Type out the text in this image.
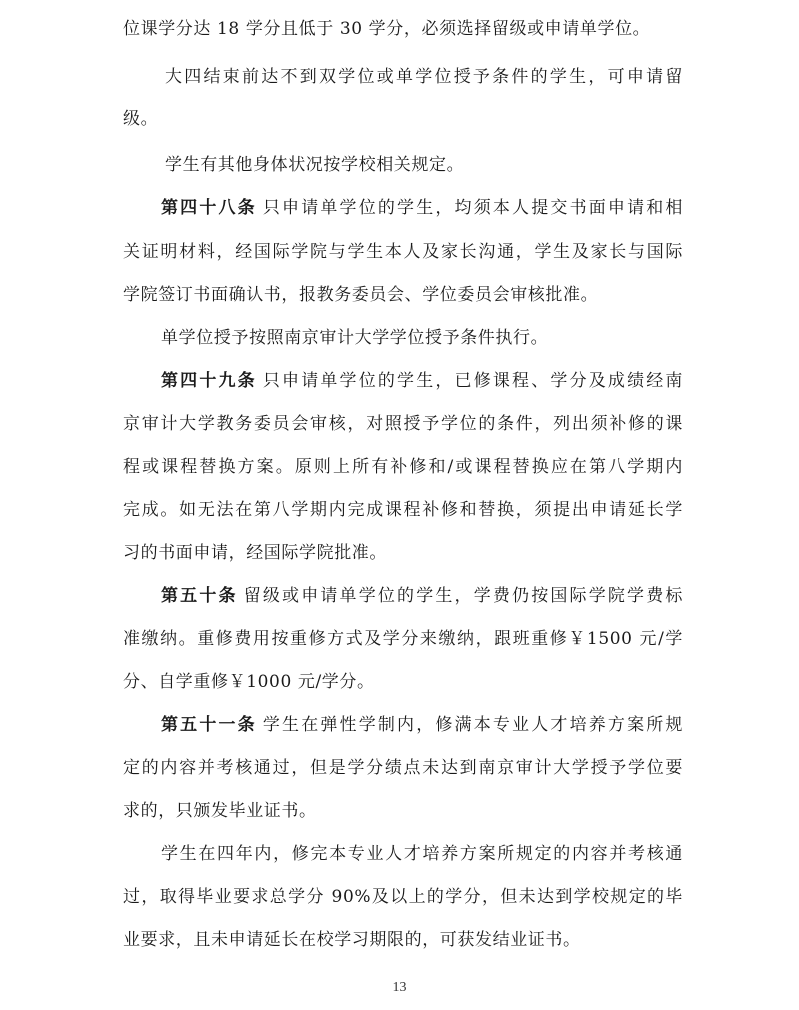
位课学分达 18 学分且低于 30 学分，必须选择留级或申请单学位。
大四结束前达不到双学位或单学位授予条件的学生，可申请留
级。
学生有其他身体状况按学校相关规定。
第四十八条 只申请单学位的学生，均须本人提交书面申请和相
关证明材料，经国际学院与学生本人及家长沟通，学生及家长与国际
学院签订书面确认书，报教务委员会、学位委员会审核批准。
单学位授予按照南京审计大学学位授予条件执行。
第四十九条 只申请单学位的学生，已修课程、学分及成绩经南
京审计大学教务委员会审核，对照授予学位的条件，列出须补修的课
程或课程替换方案。原则上所有补修和/或课程替换应在第八学期内
完成。如无法在第八学期内完成课程补修和替换，须提出申请延长学
习的书面申请，经国际学院批准。
第五十条 留级或申请单学位的学生，学费仍按国际学院学费标
准缴纳。重修费用按重修方式及学分来缴纳，跟班重修￥1500 元/学
分、自学重修￥1000 元/学分。
第五十一条 学生在弹性学制内，修满本专业人才培养方案所规
定的内容并考核通过，但是学分绩点未达到南京审计大学授予学位要
求的，只颁发毕业证书。
学生在四年内，修完本专业人才培养方案所规定的内容并考核通
过，取得毕业要求总学分 90%及以上的学分，但未达到学校规定的毕
业要求，且未申请延长在校学习期限的，可获发结业证书。
13
